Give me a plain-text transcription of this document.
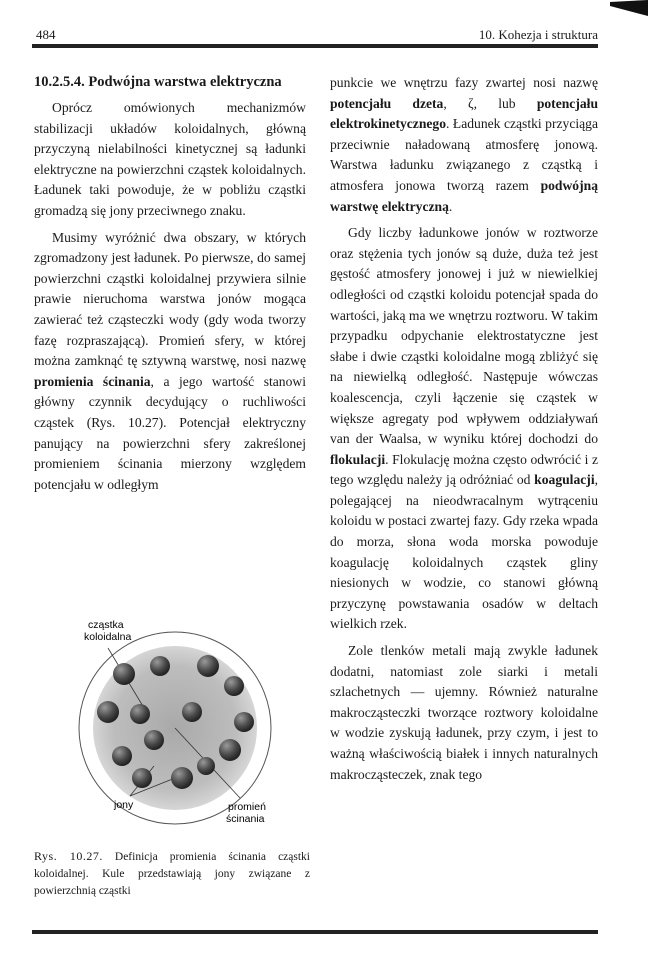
484	10. Kohezja i struktura
10.2.5.4. Podwójna warstwa elektryczna

Oprócz omówionych mechanizmów stabilizacji układów koloidalnych, główną przyczyną nielabilności kinetycznej są ładunki elektryczne na powierzchni cząstek koloidalnych. Ładunek taki powoduje, że w pobliżu cząstki gromadzą się jony przeciwnego znaku.

Musimy wyróżnić dwa obszary, w których zgromadzony jest ładunek. Po pierwsze, do samej powierzchni cząstki koloidalnej przywiera silnie prawie nieruchoma warstwa jonów mogąca zawierać też cząsteczki wody (gdy woda tworzy fazę rozpraszającą). Promień sfery, w której można zamknąć tę sztywną warstwę, nosi nazwę promienia ścinania, a jego wartość stanowi główny czynnik decydujący o ruchliwości cząstek (Rys. 10.27). Potencjał elektryczny panujący na powierzchni sfery zakreślonej promieniem ścinania mierzony względem potencjału w odległym

cząstka
koloidalna
jony	promień
ścinania
Rys. 10.27. Definicja promienia ścinania cząstki koloidalnej. Kule przedstawiają jony związane z powierzchnią cząstki

punkcie we wnętrzu fazy zwartej nosi nazwę potencjału dzeta, ζ, lub potencjału elektrokinetycznego. Ładunek cząstki przyciąga przeciwnie naładowaną atmosferę jonową. Warstwa ładunku związanego z cząstką i atmosfera jonowa tworzą razem podwójną warstwę elektryczną.

Gdy liczby ładunkowe jonów w roztworze oraz stężenia tych jonów są duże, duża też jest gęstość atmosfery jonowej i już w niewielkiej odległości od cząstki koloidu potencjał spada do wartości, jaką ma we wnętrzu roztworu. W takim przypadku odpychanie elektrostatyczne jest słabe i dwie cząstki koloidalne mogą zbliżyć się na niewielką odległość. Następuje wówczas koalescencja, czyli łączenie się cząstek w większe agregaty pod wpływem oddziaływań van der Waalsa, w wyniku której dochodzi do flokulacji. Flokulację można często odwrócić i z tego względu należy ją odróżniać od koagulacji, polegającej na nieodwracalnym wytrąceniu koloidu w postaci zwartej fazy. Gdy rzeka wpada do morza, słona woda morska powoduje koagulację koloidalnych cząstek gliny niesionych w wodzie, co stanowi główną przyczynę powstawania osadów w deltach wielkich rzek.

Zole tlenków metali mają zwykle ładunek dodatni, natomiast zole siarki i metali szlachetnych — ujemny. Również naturalne makrocząsteczki tworzące roztwory koloidalne w wodzie zyskują ładunek, przy czym, i jest to ważną właściwością białek i innych naturalnych makrocząsteczek, znak tego
